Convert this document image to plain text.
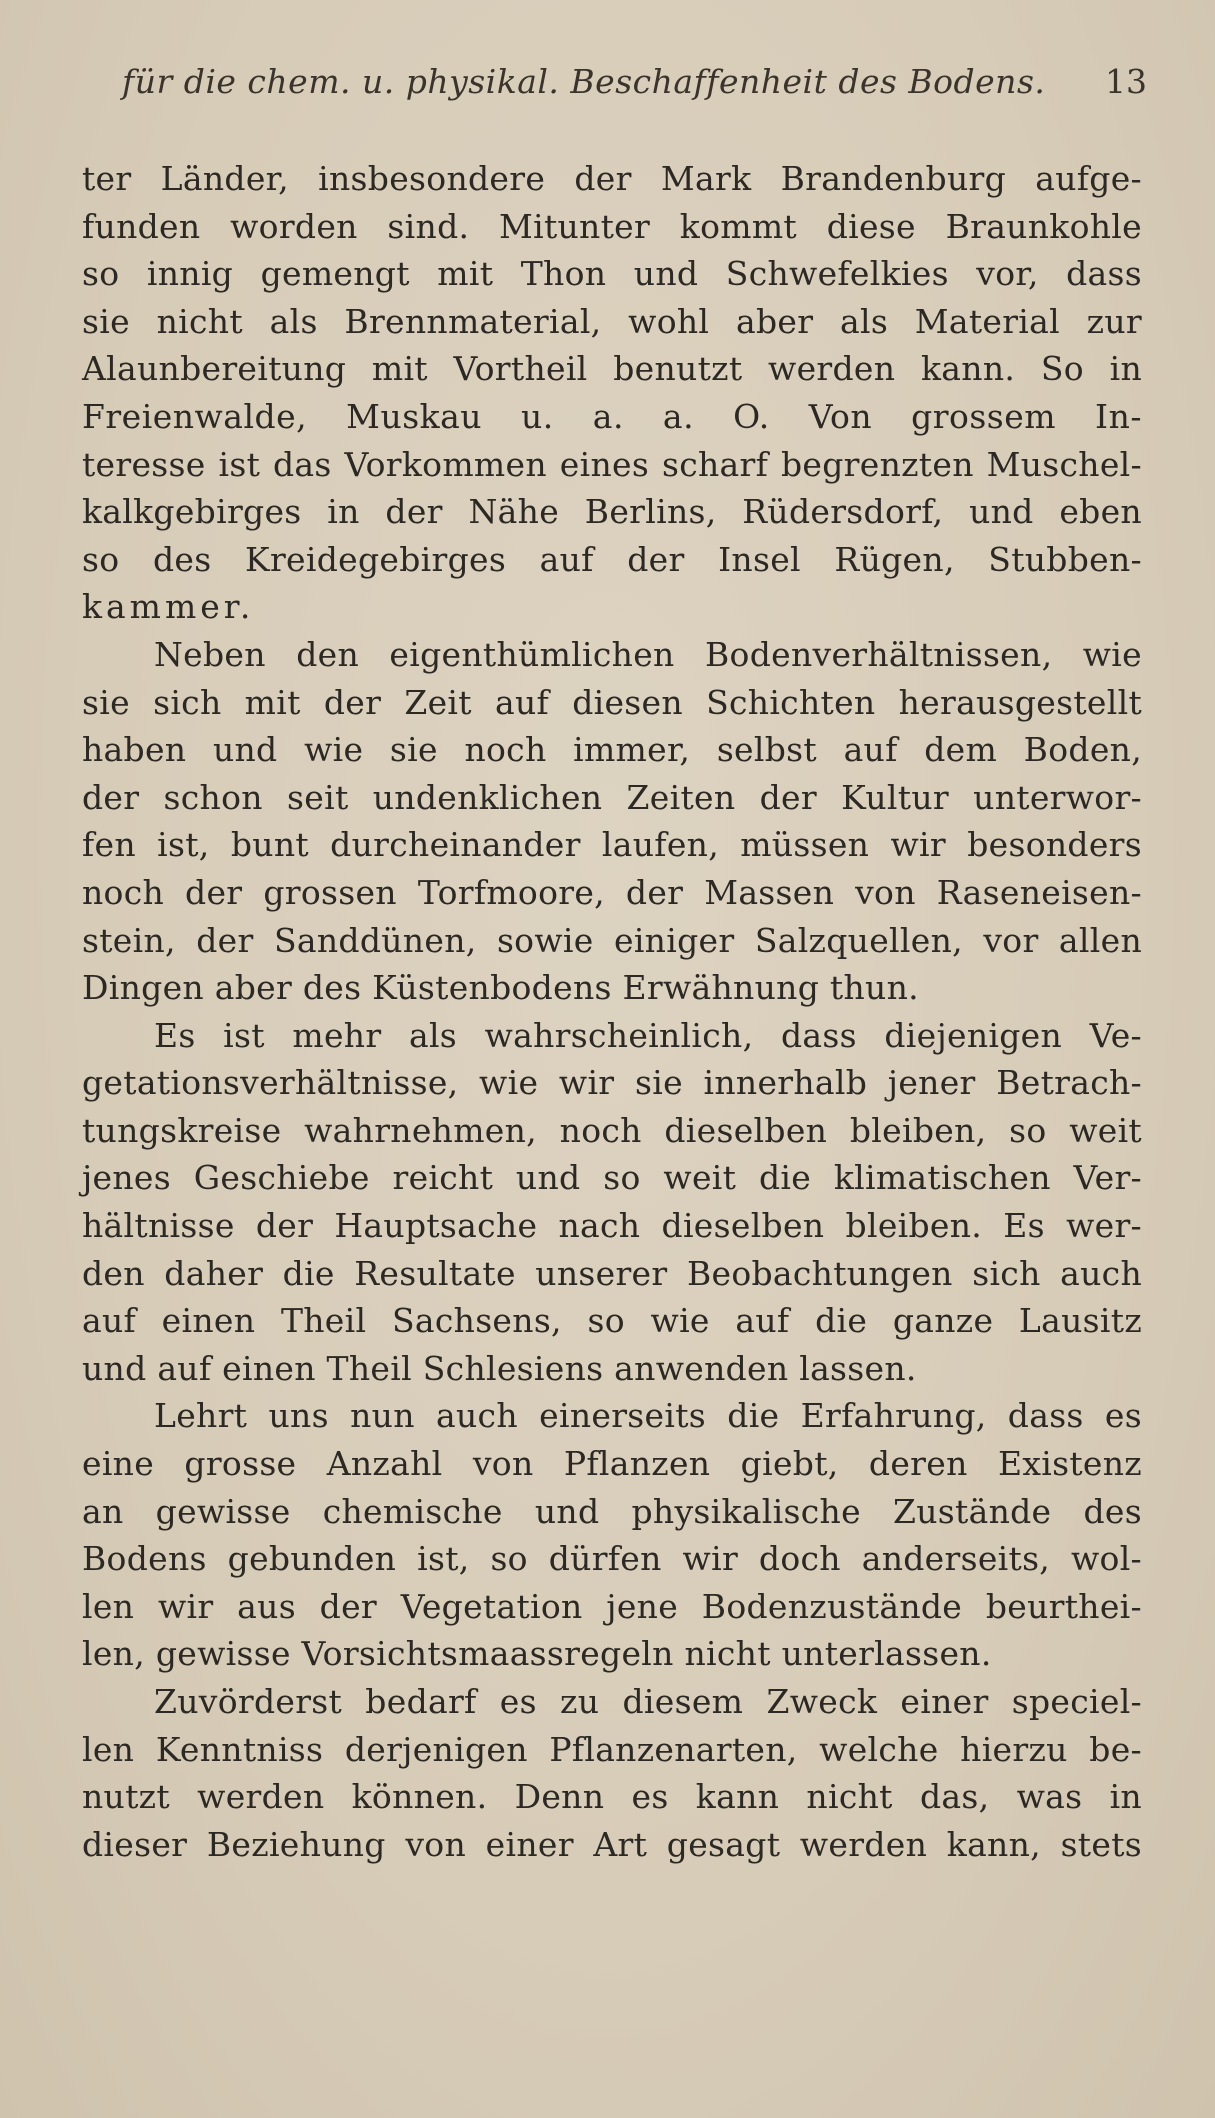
für die chem. u. physikal. Beschaffenheit des Bodens. 13
ter Länder, insbesondere der Mark Brandenburg aufge-
funden worden sind. Mitunter kommt diese Braunkohle
so innig gemengt mit Thon und Schwefelkies vor, dass
sie nicht als Brennmaterial, wohl aber als Material zur
Alaunbereitung mit Vortheil benutzt werden kann. So in
Freienwalde, Muskau u. a. a. O. Von grossem In-
teresse ist das Vorkommen eines scharf begrenzten Muschel-
kalkgebirges in der Nähe Berlins, Rüdersdorf, und eben
so des Kreidegebirges auf der Insel Rügen, Stubben-
kammer.
Neben den eigenthümlichen Bodenverhältnissen, wie
sie sich mit der Zeit auf diesen Schichten herausgestellt
haben und wie sie noch immer, selbst auf dem Boden,
der schon seit undenklichen Zeiten der Kultur unterwor-
fen ist, bunt durcheinander laufen, müssen wir besonders
noch der grossen Torfmoore, der Massen von Raseneisen-
stein, der Sanddünen, sowie einiger Salzquellen, vor allen
Dingen aber des Küstenbodens Erwähnung thun.
Es ist mehr als wahrscheinlich, dass diejenigen Ve-
getationsverhältnisse, wie wir sie innerhalb jener Betrach-
tungskreise wahrnehmen, noch dieselben bleiben, so weit
jenes Geschiebe reicht und so weit die klimatischen Ver-
hältnisse der Hauptsache nach dieselben bleiben. Es wer-
den daher die Resultate unserer Beobachtungen sich auch
auf einen Theil Sachsens, so wie auf die ganze Lausitz
und auf einen Theil Schlesiens anwenden lassen.
Lehrt uns nun auch einerseits die Erfahrung, dass es
eine grosse Anzahl von Pflanzen giebt, deren Existenz
an gewisse chemische und physikalische Zustände des
Bodens gebunden ist, so dürfen wir doch anderseits, wol-
len wir aus der Vegetation jene Bodenzustände beurthei-
len, gewisse Vorsichtsmaassregeln nicht unterlassen.
Zuvörderst bedarf es zu diesem Zweck einer speciel-
len Kenntniss derjenigen Pflanzenarten, welche hierzu be-
nutzt werden können. Denn es kann nicht das, was in
dieser Beziehung von einer Art gesagt werden kann, stets
